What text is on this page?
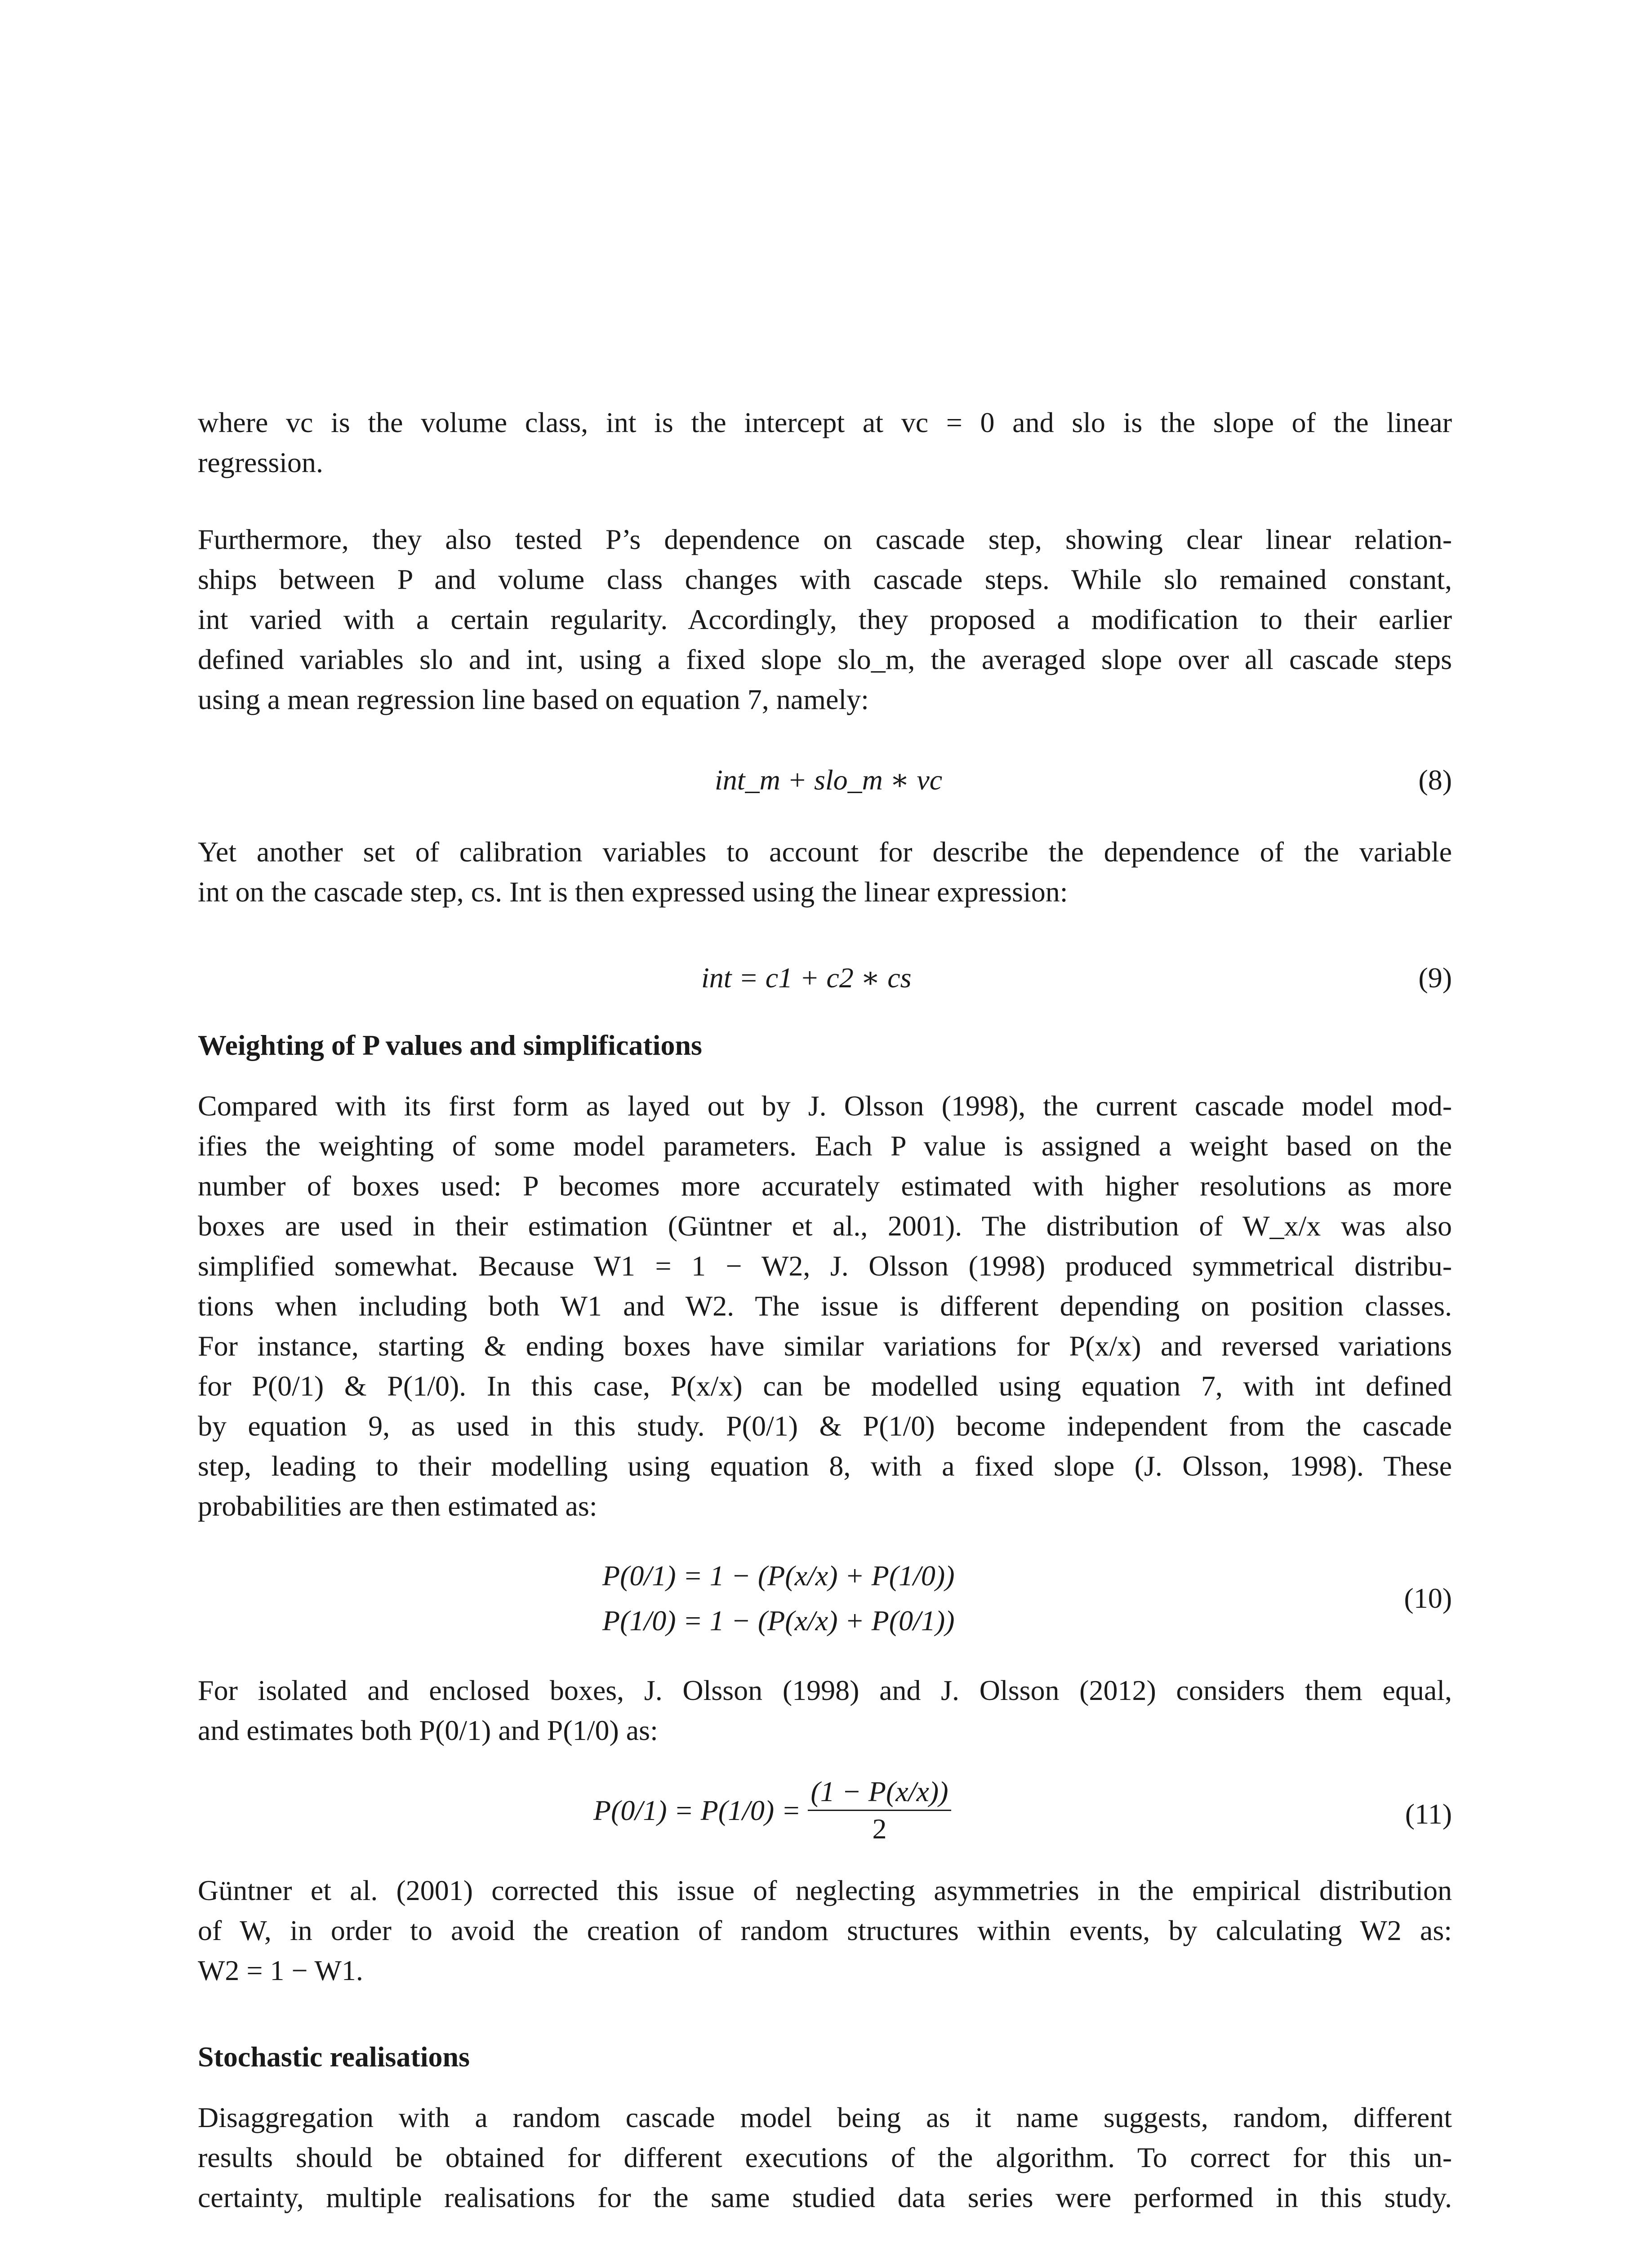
where vc is the volume class, int is the intercept at vc = 0 and slo is the slope of the linear
regression.
Furthermore, they also tested P’s dependence on cascade step, showing clear linear relation-
ships between P and volume class changes with cascade steps. While slo remained constant,
int varied with a certain regularity. Accordingly, they proposed a modification to their earlier
defined variables slo and int, using a fixed slope slo_m, the averaged slope over all cascade steps
using a mean regression line based on equation 7, namely:
int_m + slo_m ∗ vc	(8)
Yet another set of calibration variables to account for describe the dependence of the variable
int on the cascade step, cs. Int is then expressed using the linear expression:
int = c1 + c2 ∗ cs	(9)
Weighting of P values and simplifications
Compared with its first form as layed out by J. Olsson (1998), the current cascade model mod-
ifies the weighting of some model parameters. Each P value is assigned a weight based on the
number of boxes used: P becomes more accurately estimated with higher resolutions as more
boxes are used in their estimation (Güntner et al., 2001). The distribution of W_x/x was also
simplified somewhat. Because W1 = 1 − W2, J. Olsson (1998) produced symmetrical distribu-
tions when including both W1 and W2. The issue is different depending on position classes.
For instance, starting & ending boxes have similar variations for P(x/x) and reversed variations
for P(0/1) & P(1/0). In this case, P(x/x) can be modelled using equation 7, with int defined
by equation 9, as used in this study. P(0/1) & P(1/0) become independent from the cascade
step, leading to their modelling using equation 8, with a fixed slope (J. Olsson, 1998). These
probabilities are then estimated as:
P(0/1) = 1 − (P(x/x) + P(1/0))
P(1/0) = 1 − (P(x/x) + P(0/1))
(10)
For isolated and enclosed boxes, J. Olsson (1998) and J. Olsson (2012) considers them equal,
and estimates both P(0/1) and P(1/0) as:
$P(0/1) = P(1/0) = \frac{(1 - P(x/x))}{2}$	(11)
Güntner et al. (2001) corrected this issue of neglecting asymmetries in the empirical distribution
of W, in order to avoid the creation of random structures within events, by calculating W2 as:
W2 = 1 − W1.
Stochastic realisations
Disaggregation with a random cascade model being as it name suggests, random, different
results should be obtained for different executions of the algorithm. To correct for this un-
certainty, multiple realisations for the same studied data series were performed in this study.
